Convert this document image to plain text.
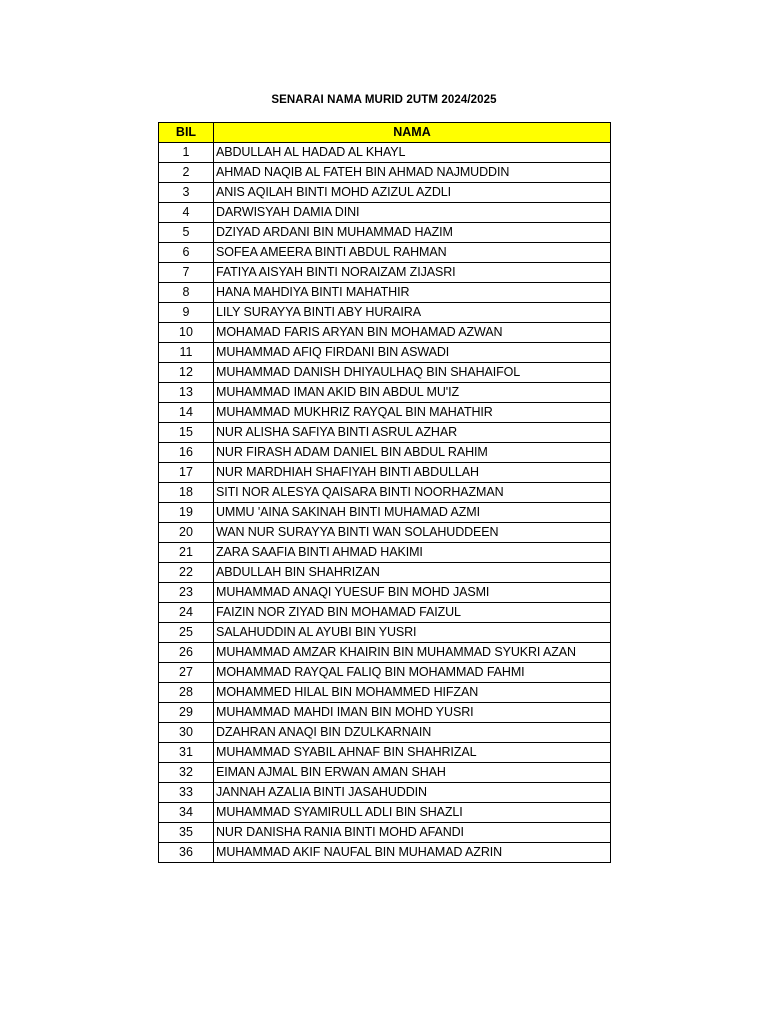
SENARAI NAMA MURID 2UTM 2024/2025
BIL	NAMA
1	ABDULLAH AL HADAD AL KHAYL
2	AHMAD NAQIB AL FATEH BIN AHMAD NAJMUDDIN
3	ANIS AQILAH BINTI MOHD AZIZUL AZDLI
4	DARWISYAH DAMIA DINI
5	DZIYAD ARDANI BIN MUHAMMAD HAZIM
6	SOFEA AMEERA BINTI ABDUL RAHMAN
7	FATIYA AISYAH BINTI NORAIZAM ZIJASRI
8	HANA MAHDIYA BINTI MAHATHIR
9	LILY SURAYYA BINTI ABY HURAIRA
10	MOHAMAD FARIS ARYAN BIN MOHAMAD AZWAN
11	MUHAMMAD AFIQ FIRDANI BIN ASWADI
12	MUHAMMAD DANISH DHIYAULHAQ BIN SHAHAIFOL
13	MUHAMMAD IMAN AKID BIN ABDUL MU'IZ
14	MUHAMMAD MUKHRIZ RAYQAL BIN MAHATHIR
15	NUR ALISHA SAFIYA BINTI ASRUL AZHAR
16	NUR FIRASH ADAM DANIEL BIN ABDUL RAHIM
17	NUR MARDHIAH SHAFIYAH BINTI ABDULLAH
18	SITI NOR ALESYA QAISARA BINTI NOORHAZMAN
19	UMMU 'AINA SAKINAH BINTI MUHAMAD AZMI
20	WAN NUR SURAYYA BINTI WAN SOLAHUDDEEN
21	ZARA SAAFIA BINTI AHMAD HAKIMI
22	ABDULLAH BIN SHAHRIZAN
23	MUHAMMAD ANAQI YUESUF BIN MOHD JASMI
24	FAIZIN NOR ZIYAD BIN MOHAMAD FAIZUL
25	SALAHUDDIN AL AYUBI BIN YUSRI
26	MUHAMMAD AMZAR KHAIRIN BIN MUHAMMAD SYUKRI AZAN
27	MOHAMMAD RAYQAL FALIQ BIN MOHAMMAD FAHMI
28	MOHAMMED HILAL BIN MOHAMMED HIFZAN
29	MUHAMMAD MAHDI IMAN BIN MOHD YUSRI
30	DZAHRAN ANAQI BIN DZULKARNAIN
31	MUHAMMAD SYABIL AHNAF BIN SHAHRIZAL
32	EIMAN AJMAL BIN ERWAN AMAN SHAH
33	JANNAH AZALIA BINTI JASAHUDDIN
34	MUHAMMAD SYAMIRULL ADLI BIN SHAZLI
35	NUR DANISHA RANIA BINTI MOHD AFANDI
36	MUHAMMAD AKIF NAUFAL BIN MUHAMAD AZRIN
